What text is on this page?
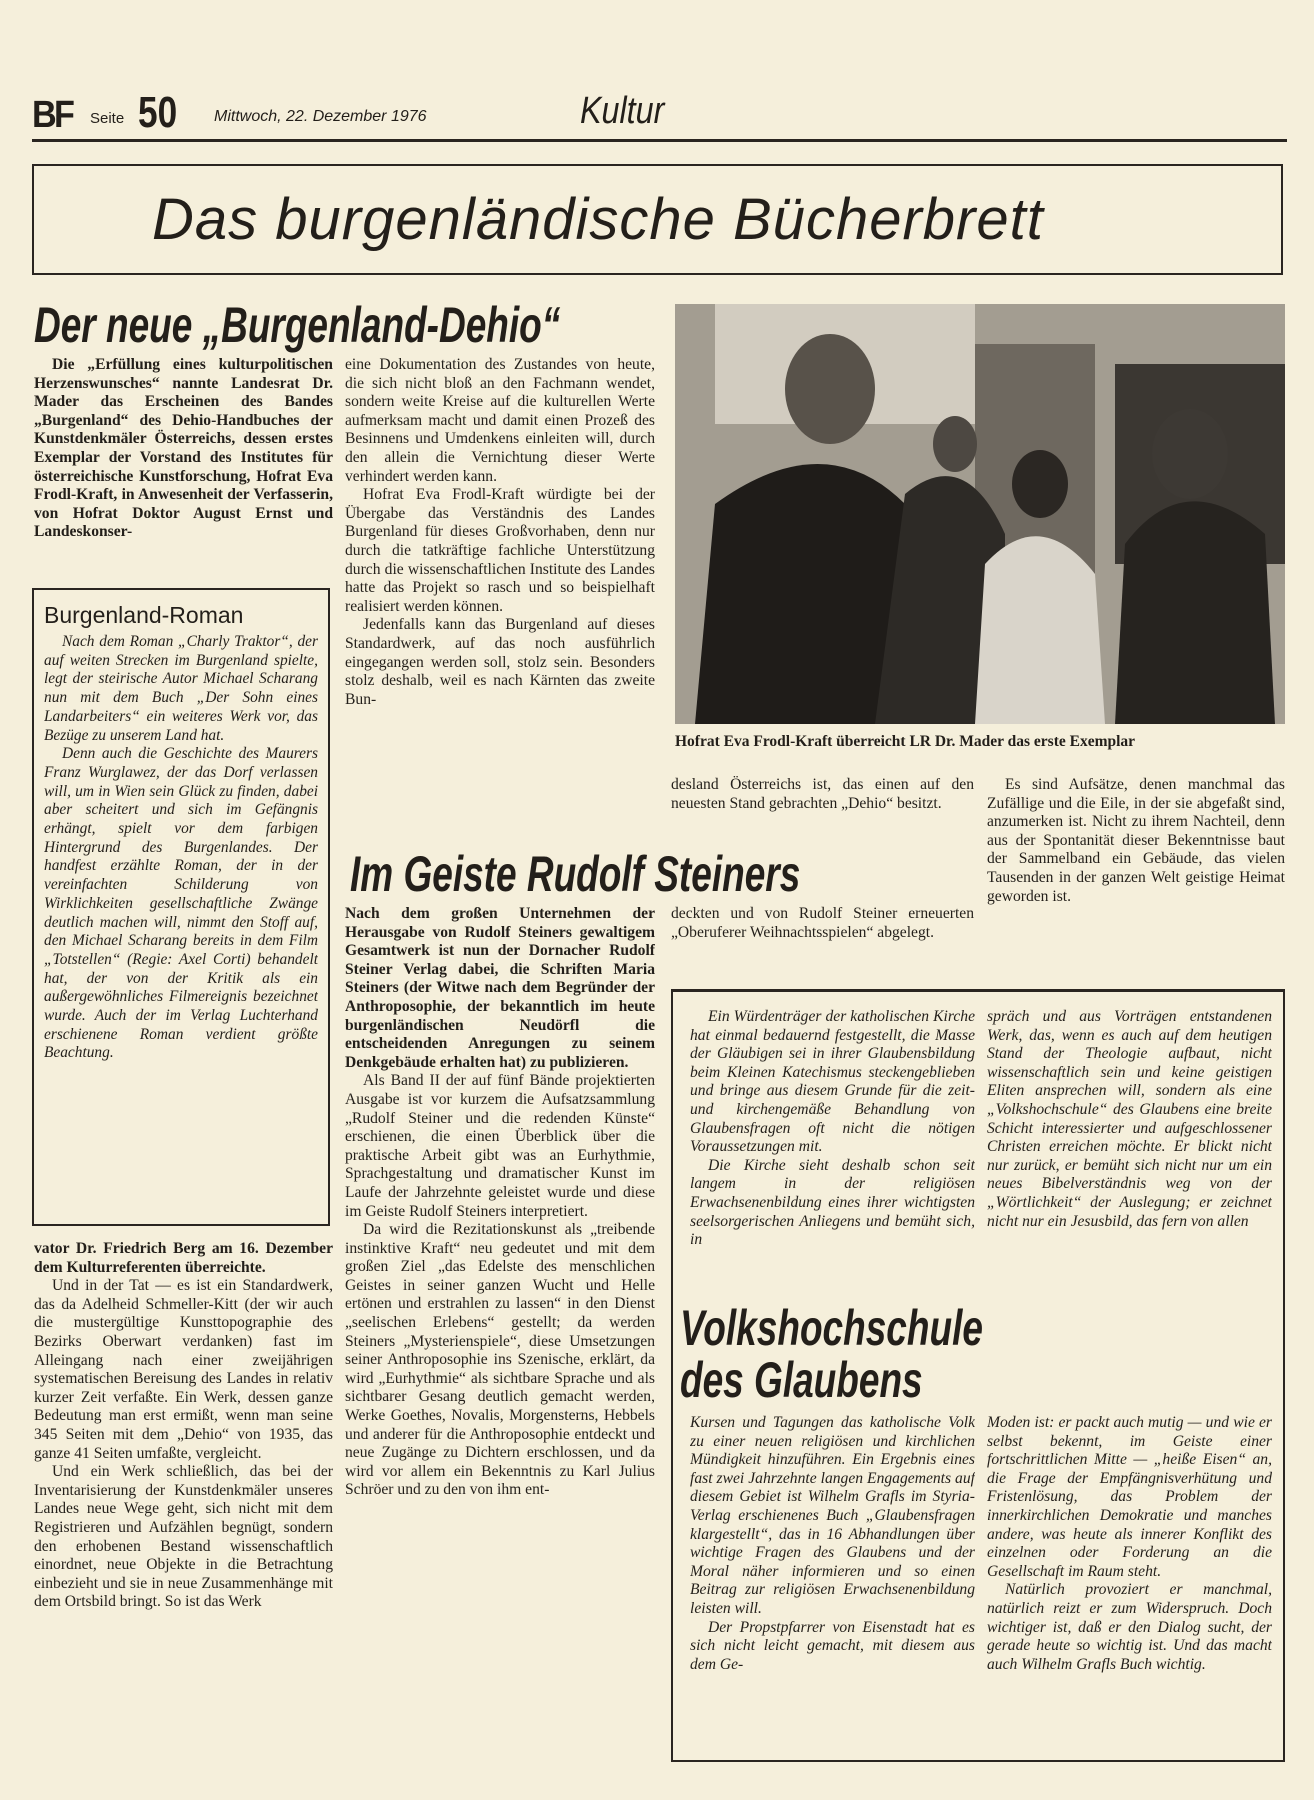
BF Seite 50 Mittwoch, 22. Dezember 1976	Kultur
Das burgenländische Bücherbrett
Der neue „Burgenland-Dehio“

Die „Erfüllung eines kulturpolitischen Herzenswunsches“ nannte Landesrat Dr. Mader das Erscheinen des Bandes „Burgenland“ des Dehio-Handbuches der Kunstdenkmäler Österreichs, dessen erstes Exemplar der Vorstand des Institutes für österreichische Kunstforschung, Hofrat Eva Frodl-Kraft, in Anwesenheit der Verfasserin, von Hofrat Doktor August Ernst und Landeskonser-

Burgenland-Roman

Nach dem Roman „Charly Traktor“, der auf weiten Strecken im Burgenland spielte, legt der steirische Autor Michael Scharang nun mit dem Buch „Der Sohn eines Landarbeiters“ ein weiteres Werk vor, das Bezüge zu unserem Land hat.

Denn auch die Geschichte des Maurers Franz Wurglawez, der das Dorf verlassen will, um in Wien sein Glück zu finden, dabei aber scheitert und sich im Gefängnis erhängt, spielt vor dem farbigen Hintergrund des Burgenlandes. Der handfest erzählte Roman, der in der vereinfachten Schilderung von Wirklichkeiten gesellschaftliche Zwänge deutlich machen will, nimmt den Stoff auf, den Michael Scharang bereits in dem Film „Totstellen“ (Regie: Axel Corti) behandelt hat, der von der Kritik als ein außergewöhnliches Filmereignis bezeichnet wurde. Auch der im Verlag Luchterhand erschienene Roman verdient größte Beachtung.

vator Dr. Friedrich Berg am 16. Dezember dem Kulturreferenten überreichte.

Und in der Tat — es ist ein Standardwerk, das da Adelheid Schmeller-Kitt (der wir auch die mustergültige Kunsttopographie des Bezirks Oberwart verdanken) fast im Alleingang nach einer zweijährigen systematischen Bereisung des Landes in relativ kurzer Zeit verfaßte. Ein Werk, dessen ganze Bedeutung man erst ermißt, wenn man seine 345 Seiten mit dem „Dehio“ von 1935, das ganze 41 Seiten umfaßte, vergleicht.

Und ein Werk schließlich, das bei der Inventarisierung der Kunstdenkmäler unseres Landes neue Wege geht, sich nicht mit dem Registrieren und Aufzählen begnügt, sondern den erhobenen Bestand wissenschaftlich einordnet, neue Objekte in die Betrachtung einbezieht und sie in neue Zusammenhänge mit dem Ortsbild bringt. So ist das Werk

eine Dokumentation des Zustandes von heute, die sich nicht bloß an den Fachmann wendet, sondern weite Kreise auf die kulturellen Werte aufmerksam macht und damit einen Prozeß des Besinnens und Umdenkens einleiten will, durch den allein die Vernichtung dieser Werte verhindert werden kann.

Hofrat Eva Frodl-Kraft würdigte bei der Übergabe das Verständnis des Landes Burgenland für dieses Großvorhaben, denn nur durch die tatkräftige fachliche Unterstützung durch die wissenschaftlichen Institute des Landes hatte das Projekt so rasch und so beispielhaft realisiert werden können.

Jedenfalls kann das Burgenland auf dieses Standardwerk, auf das noch ausführlich eingegangen werden soll, stolz sein. Besonders stolz deshalb, weil es nach Kärnten das zweite Bun-

Hofrat Eva Frodl-Kraft überreicht LR Dr. Mader das erste Exemplar

desland Österreichs ist, das einen auf den neuesten Stand gebrachten „Dehio“ besitzt.

Im Geiste Rudolf Steiners

Nach dem großen Unternehmen der Herausgabe von Rudolf Steiners gewaltigem Gesamtwerk ist nun der Dornacher Rudolf Steiner Verlag dabei, die Schriften Maria Steiners (der Witwe nach dem Begründer der Anthroposophie, der bekanntlich im heute burgenländischen Neudörfl die entscheidenden Anregungen zu seinem Denkgebäude erhalten hat) zu publizieren.

Als Band II der auf fünf Bände projektierten Ausgabe ist vor kurzem die Aufsatzsammlung „Rudolf Steiner und die redenden Künste“ erschienen, die einen Überblick über die praktische Arbeit gibt was an Eurhythmie, Sprachgestaltung und dramatischer Kunst im Laufe der Jahrzehnte geleistet wurde und diese im Geiste Rudolf Steiners interpretiert.

Da wird die Rezitationskunst als „treibende instinktive Kraft“ neu gedeutet und mit dem großen Ziel „das Edelste des menschlichen Geistes in seiner ganzen Wucht und Helle ertönen und erstrahlen zu lassen“ in den Dienst „seelischen Erlebens“ gestellt; da werden Steiners „Mysterienspiele“, diese Umsetzungen seiner Anthroposophie ins Szenische, erklärt, da wird „Eurhythmie“ als sichtbare Sprache und als sichtbarer Gesang deutlich gemacht werden, Werke Goethes, Novalis, Morgensterns, Hebbels und anderer für die Anthroposophie entdeckt und neue Zugänge zu Dichtern erschlossen, und da wird vor allem ein Bekenntnis zu Karl Julius Schröer und zu den von ihm ent-

deckten und von Rudolf Steiner erneuerten „Oberuferer Weihnachtsspielen“ abgelegt.

Es sind Aufsätze, denen manchmal das Zufällige und die Eile, in der sie abgefaßt sind, anzumerken ist. Nicht zu ihrem Nachteil, denn aus der Spontanität dieser Bekenntnisse baut der Sammelband ein Gebäude, das vielen Tausenden in der ganzen Welt geistige Heimat geworden ist.

Ein Würdenträger der katholischen Kirche hat einmal bedauernd festgestellt, die Masse der Gläubigen sei in ihrer Glaubensbildung beim Kleinen Katechismus steckengeblieben und bringe aus diesem Grunde für die zeit- und kirchengemäße Behandlung von Glaubensfragen oft nicht die nötigen Voraussetzungen mit.

Die Kirche sieht deshalb schon seit langem in der religiösen Erwachsenenbildung eines ihrer wichtigsten seelsorgerischen Anliegens und bemüht sich, in

spräch und aus Vorträgen entstandenen Werk, das, wenn es auch auf dem heutigen Stand der Theologie aufbaut, nicht wissenschaftlich sein und keine geistigen Eliten ansprechen will, sondern als eine „Volkshochschule“ des Glaubens eine breite Schicht interessierter und aufgeschlossener Christen erreichen möchte. Er blickt nicht nur zurück, er bemüht sich nicht nur um ein neues Bibelverständnis weg von der „Wörtlichkeit“ der Auslegung; er zeichnet nicht nur ein Jesusbild, das fern von allen

Volkshochschule
des Glaubens

Kursen und Tagungen das katholische Volk zu einer neuen religiösen und kirchlichen Mündigkeit hinzuführen. Ein Ergebnis eines fast zwei Jahrzehnte langen Engagements auf diesem Gebiet ist Wilhelm Grafls im Styria-Verlag erschienenes Buch „Glaubensfragen klargestellt“, das in 16 Abhandlungen über wichtige Fragen des Glaubens und der Moral näher informieren und so einen Beitrag zur religiösen Erwachsenenbildung leisten will.

Der Propstpfarrer von Eisenstadt hat es sich nicht leicht gemacht, mit diesem aus dem Ge-

Moden ist: er packt auch mutig — und wie er selbst bekennt, im Geiste einer fortschrittlichen Mitte — „heiße Eisen“ an, die Frage der Empfängnisverhütung und Fristenlösung, das Problem der innerkirchlichen Demokratie und manches andere, was heute als innerer Konflikt des einzelnen oder Forderung an die Gesellschaft im Raum steht.

Natürlich provoziert er manchmal, natürlich reizt er zum Widerspruch. Doch wichtiger ist, daß er den Dialog sucht, der gerade heute so wichtig ist. Und das macht auch Wilhelm Grafls Buch wichtig.
